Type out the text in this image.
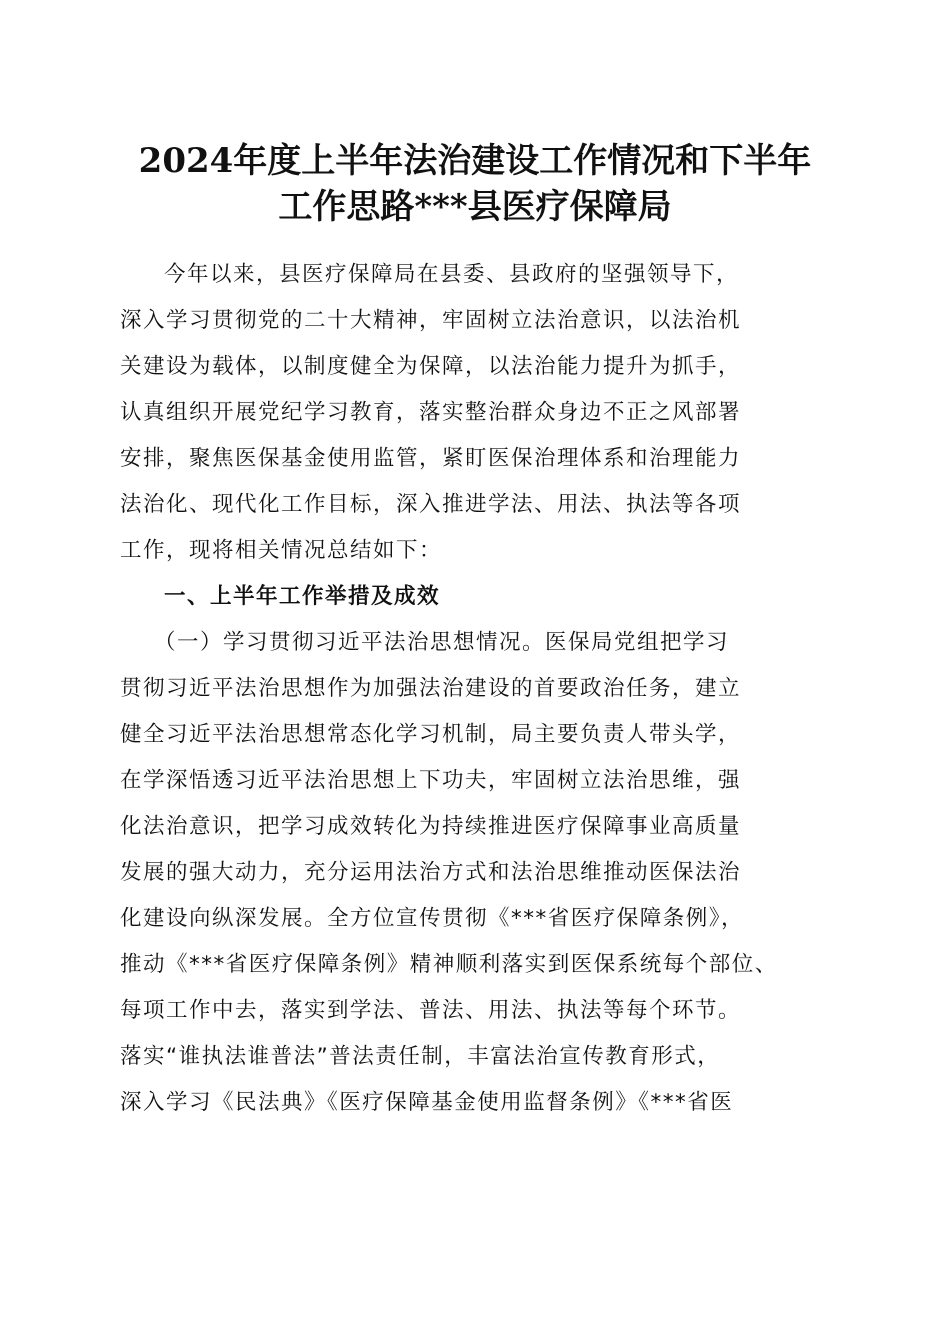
2024年度上半年法治建设工作情况和下半年
工作思路***县医疗保障局
今年以来，县医疗保障局在县委、县政府的坚强领导下，
深入学习贯彻党的二十大精神，牢固树立法治意识，以法治机
关建设为载体，以制度健全为保障，以法治能力提升为抓手，
认真组织开展党纪学习教育，落实整治群众身边不正之风部署
安排，聚焦医保基金使用监管，紧盯医保治理体系和治理能力
法治化、现代化工作目标，深入推进学法、用法、执法等各项
工作，现将相关情况总结如下：
一、上半年工作举措及成效
（一）学习贯彻习近平法治思想情况。医保局党组把学习
贯彻习近平法治思想作为加强法治建设的首要政治任务，建立
健全习近平法治思想常态化学习机制，局主要负责人带头学，
在学深悟透习近平法治思想上下功夫，牢固树立法治思维，强
化法治意识，把学习成效转化为持续推进医疗保障事业高质量
发展的强大动力，充分运用法治方式和法治思维推动医保法治
化建设向纵深发展。全方位宣传贯彻《***省医疗保障条例》，
推动《***省医疗保障条例》精神顺利落实到医保系统每个部位、
每项工作中去，落实到学法、普法、用法、执法等每个环节。
落实“谁执法谁普法”普法责任制，丰富法治宣传教育形式，
深入学习《民法典》《医疗保障基金使用监督条例》《***省医
